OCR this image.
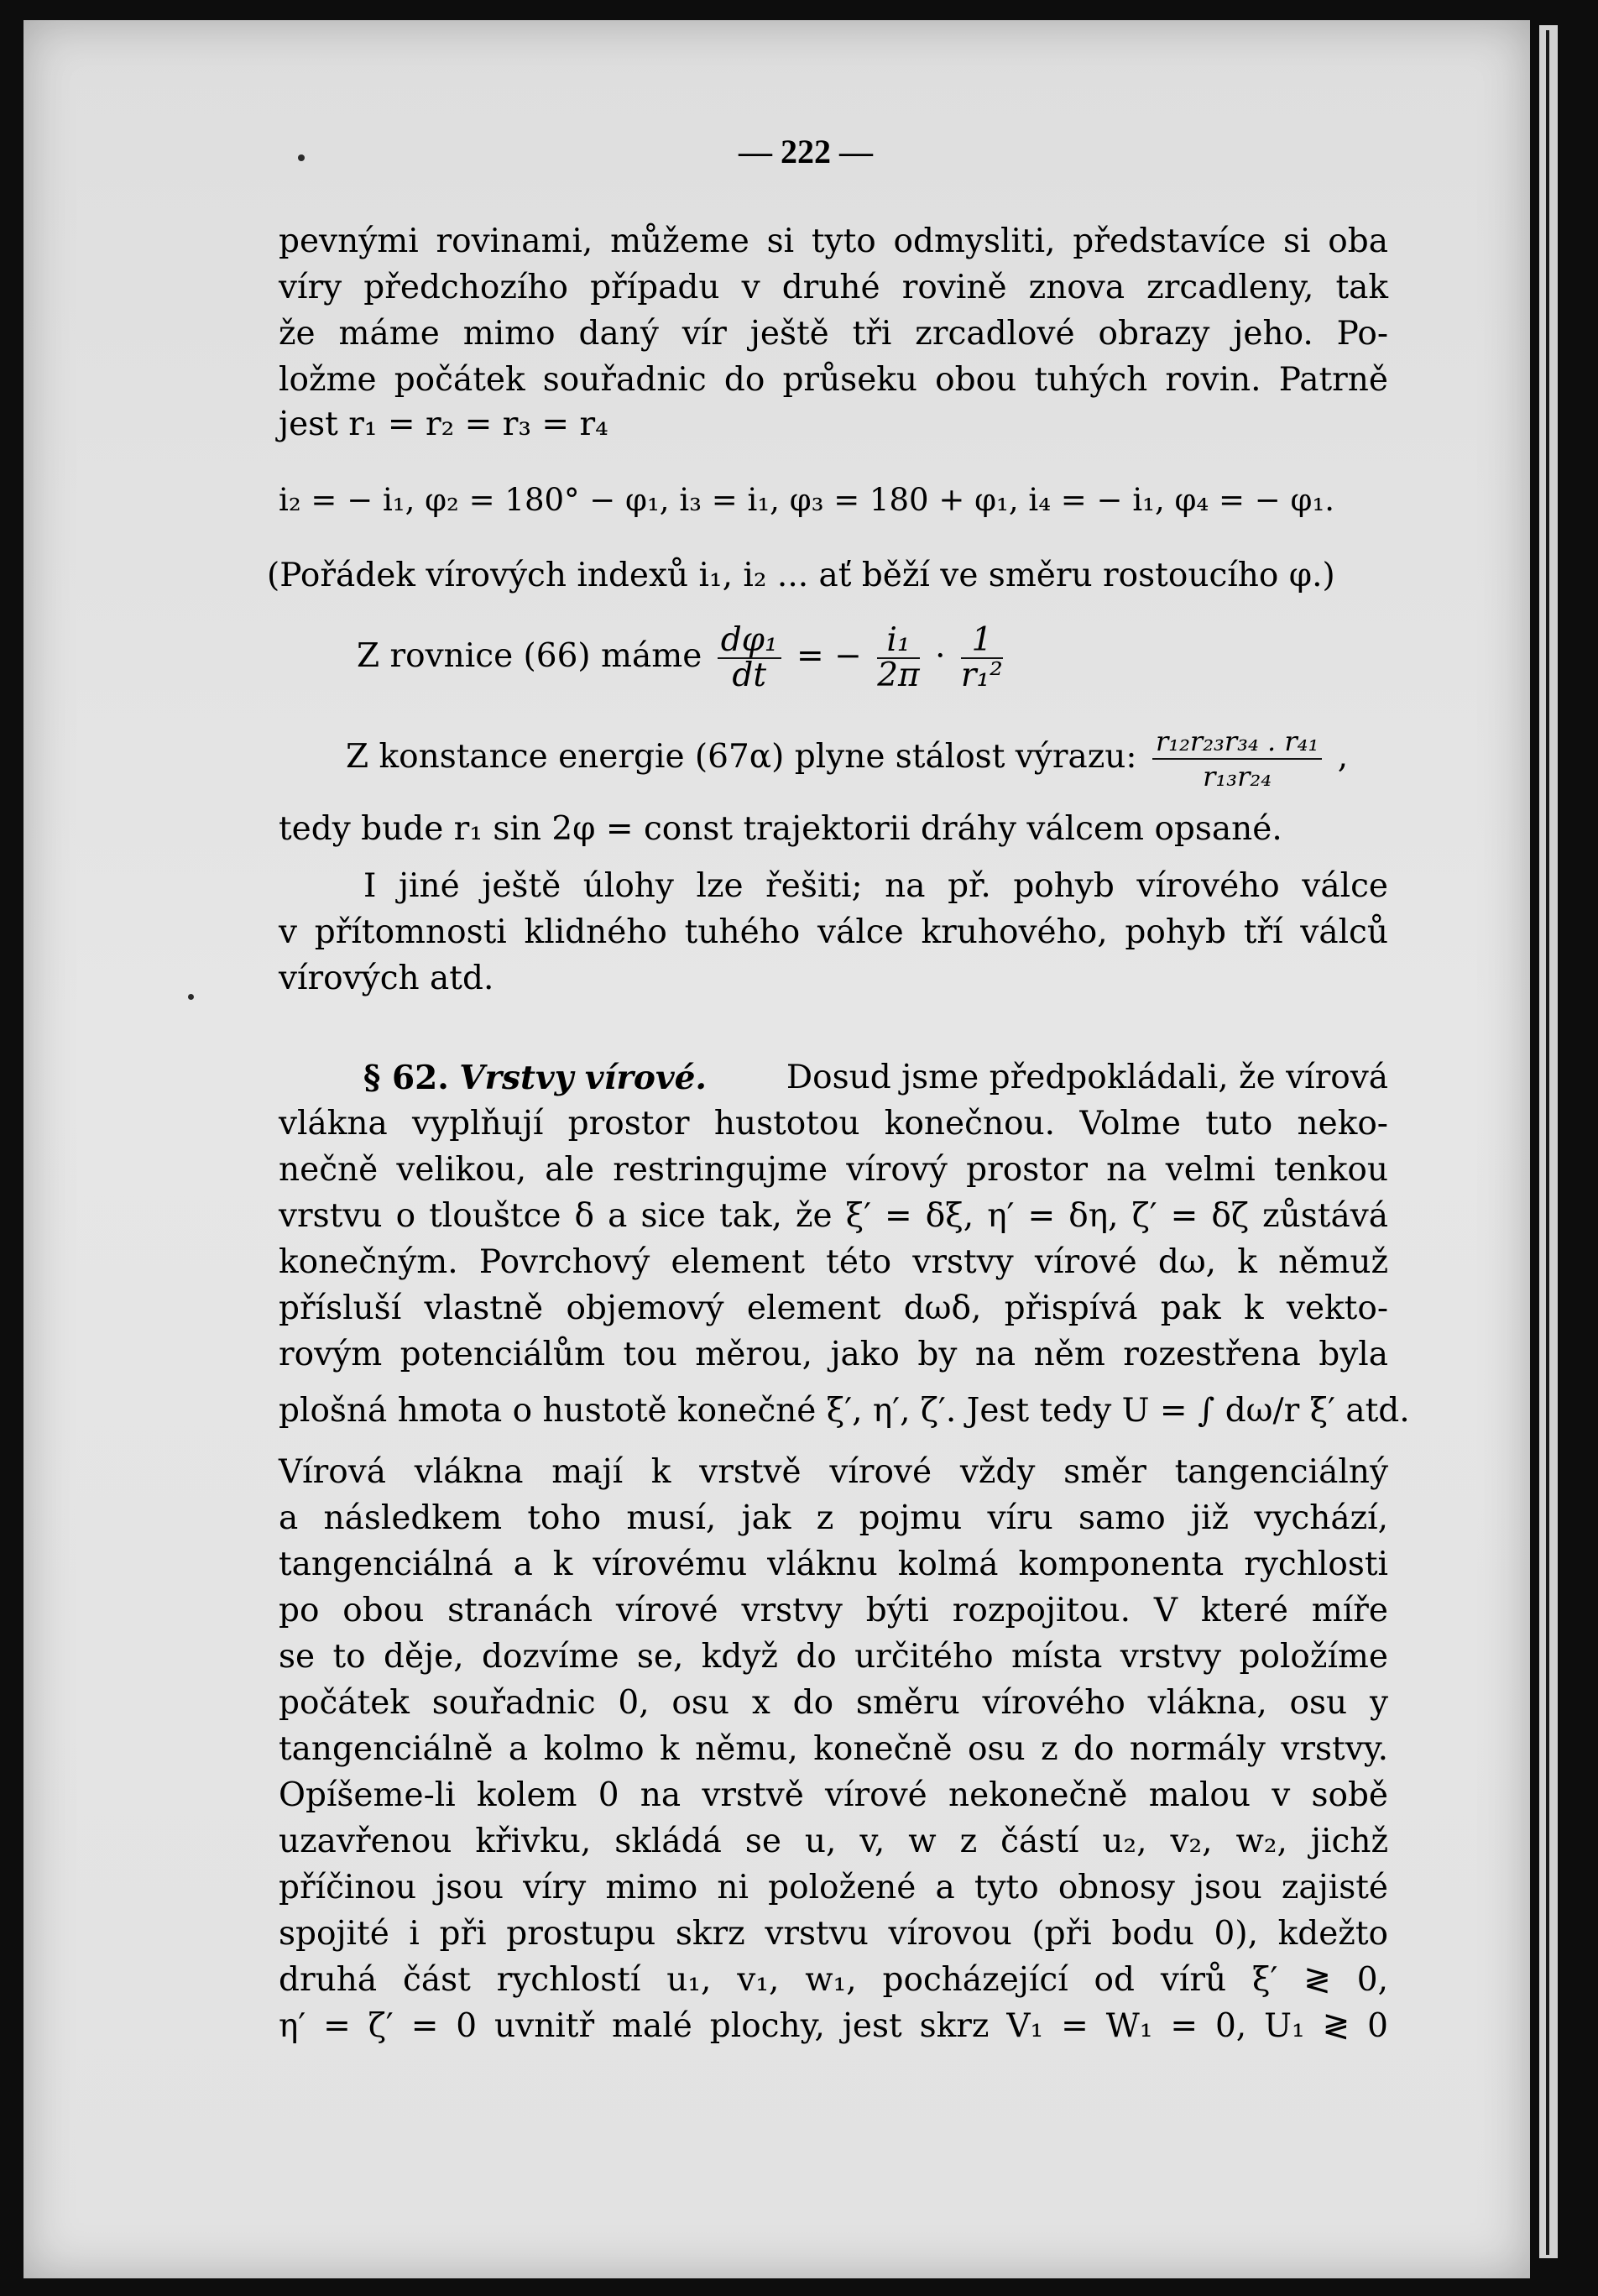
— 222 —
pevnými rovinami, můžeme si tyto odmysliti, představíce si oba
víry předchozího případu v druhé rovině znova zrcadleny, tak
že máme mimo daný vír ještě tři zrcadlové obrazy jeho. Po-
ložme počátek souřadnic do průseku obou tuhých rovin. Patrně
jest r₁ = r₂ = r₃ = r₄
i₂ = − i₁, φ₂ = 180° − φ₁, i₃ = i₁, φ₃ = 180 + φ₁, i₄ = − i₁, φ₄ = − φ₁.
(Pořádek vírových indexů i₁, i₂ ... ať běží ve směru rostoucího φ.)
Z rovnice (66) máme $\frac{\text{dφ₁}}{dt}$ = − $\frac{\text{i₁}}{2\pi} \cdot \frac{1}{\text{r₁²}}$
Z konstance energie (67α) plyne stálost výrazu: $\frac{\text{r₁₂r₂₃r₃₄ . r₄₁}}{\text{r₁₃r₂₄}}$ ,
tedy bude r₁ sin 2φ = const trajektorii dráhy válcem opsané.
I jiné ještě úlohy lze řešiti; na př. pohyb vírového válce
v přítomnosti klidného tuhého válce kruhového, pohyb tří válců
vírových atd.
§ 62. Vrstvy vírové. Dosud jsme předpokládali, že vírová
vlákna vyplňují prostor hustotou konečnou. Volme tuto neko-
nečně velikou, ale restringujme vírový prostor na velmi tenkou
vrstvu o tlouštce δ a sice tak, že ξ′ = δξ, η′ = δη, ζ′ = δζ zůstává
konečným. Povrchový element této vrstvy vírové dω, k němuž
přísluší vlastně objemový element dωδ, přispívá pak k vekto-
rovým potenciálům tou měrou, jako by na něm rozestřena byla
plošná hmota o hustotě konečné ξ′, η′, ζ′. Jest tedy U = ∫ dω/r ξ′ atd.
Vírová vlákna mají k vrstvě vírové vždy směr tangenciálný
a následkem toho musí, jak z pojmu víru samo již vychází,
tangenciálná a k vírovému vláknu kolmá komponenta rychlosti
po obou stranách vírové vrstvy býti rozpojitou. V které míře
se to děje, dozvíme se, když do určitého místa vrstvy položíme
počátek souřadnic 0, osu x do směru vírového vlákna, osu y
tangenciálně a kolmo k němu, konečně osu z do normály vrstvy.
Opíšeme-li kolem 0 na vrstvě vírové nekonečně malou v sobě
uzavřenou křivku, skládá se u, v, w z částí u₂, v₂, w₂, jichž
příčinou jsou víry mimo ni položené a tyto obnosy jsou zajisté
spojité i při prostupu skrz vrstvu vírovou (při bodu 0), kdežto
druhá část rychlostí u₁, v₁, w₁, pocházející od vírů ξ′ ≷ 0,
η′ = ζ′ = 0 uvnitř malé plochy, jest skrz V₁ = W₁ = 0, U₁ ≷ 0
